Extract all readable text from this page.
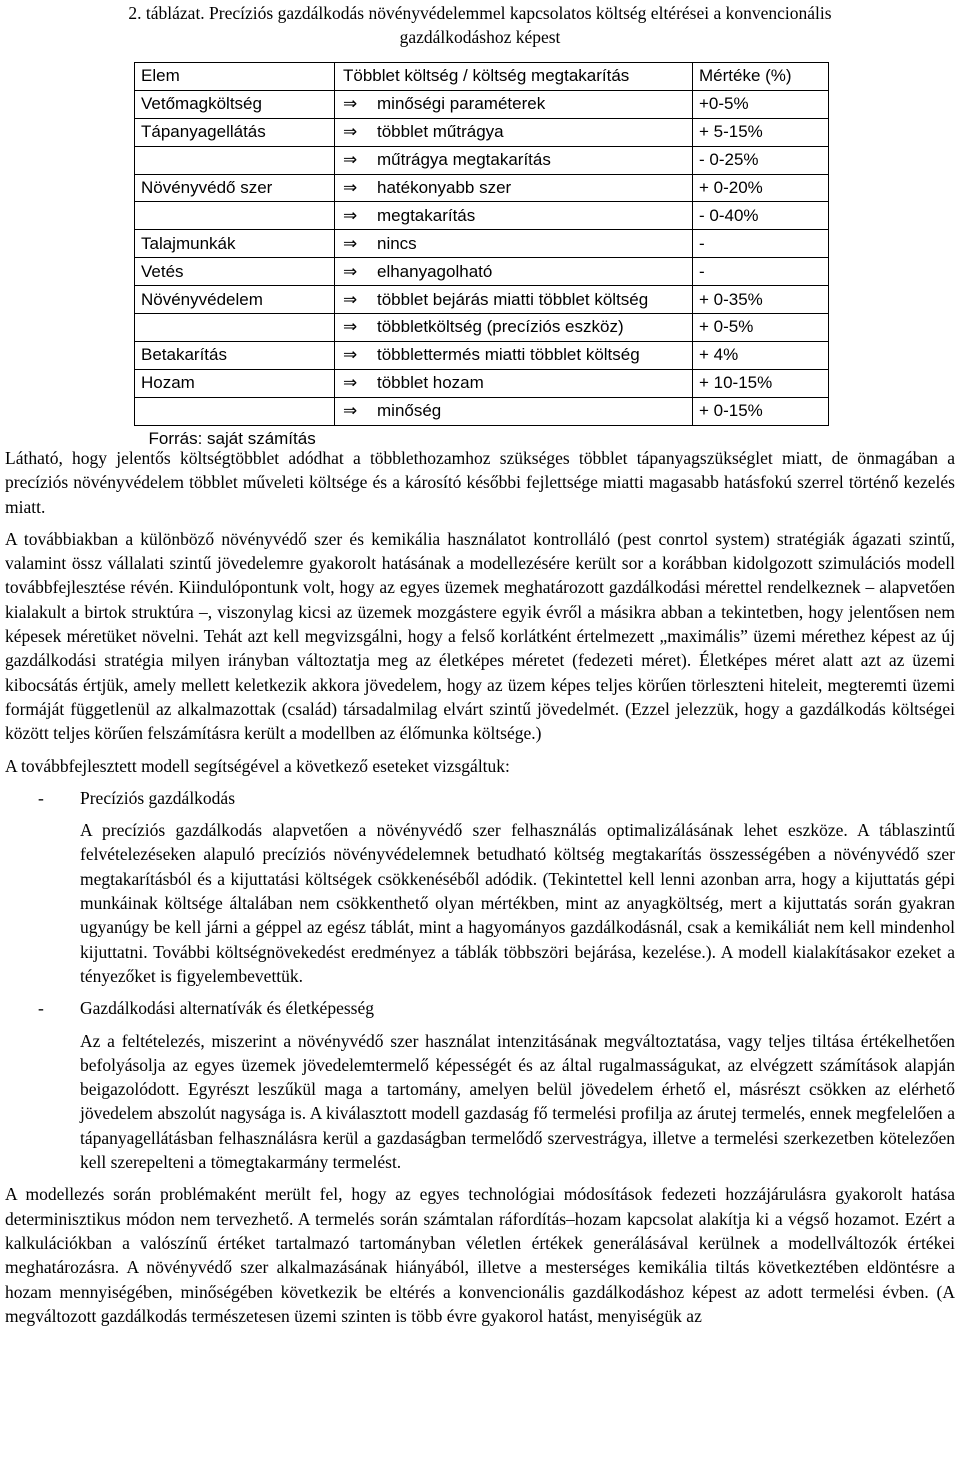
2. táblázat. Precíziós gazdálkodás növényvédelemmel kapcsolatos költség eltérései a konvencionális
gazdálkodáshoz képest
Elem	Többlet költség / költség megtakarítás	Mértéke (%)
Vetőmagköltség	⇒ minőségi paraméterek	+0-5%
Tápanyagellátás	⇒ többlet műtrágya	+ 5-15%
	⇒ műtrágya megtakarítás	- 0-25%
Növényvédő szer	⇒ hatékonyabb szer	+ 0-20%
	⇒ megtakarítás	- 0-40%
Talajmunkák	⇒ nincs	-
Vetés	⇒ elhanyagolható	-
Növényvédelem	⇒ többlet bejárás miatti többlet költség	+ 0-35%
	⇒ többletköltség (precíziós eszköz)	+ 0-5%
Betakarítás	⇒ többlettermés miatti többlet költség	+ 4%
Hozam	⇒ többlet hozam	+ 10-15%
	⇒ minőség	+ 0-15%
Forrás: saját számítás		

Látható, hogy jelentős költségtöbblet adódhat a többlethozamhoz szükséges többlet tápanyagszükséglet miatt, de önmagában a precíziós növényvédelem többlet műveleti költsége és a károsító későbbi fejlettsége miatti magasabb hatásfokú szerrel történő kezelés miatt.

A továbbiakban a különböző növényvédő szer és kemikália használatot kontrolláló (pest conrtol system) stratégiák ágazati szintű, valamint össz vállalati szintű jövedelemre gyakorolt hatásának a modellezésére került sor a korábban kidolgozott szimulációs modell továbbfejlesztése révén. Kiindulópontunk volt, hogy az egyes üzemek meghatározott gazdálkodási mérettel rendelkeznek – alapvetően kialakult a birtok struktúra –, viszonylag kicsi az üzemek mozgástere egyik évről a másikra abban a tekintetben, hogy jelentősen nem képesek méretüket növelni. Tehát azt kell megvizsgálni, hogy a felső korlátként értelmezett „maximális” üzemi mérethez képest az új gazdálkodási stratégia milyen irányban változtatja meg az életképes méretet (fedezeti méret). Életképes méret alatt azt az üzemi kibocsátás értjük, amely mellett keletkezik akkora jövedelem, hogy az üzem képes teljes körűen törleszteni hiteleit, megteremti üzemi formáját függetlenül az alkalmazottak (család) társadalmilag elvárt szintű jövedelmét. (Ezzel jelezzük, hogy a gazdálkodás költségei között teljes körűen felszámításra került a modellben az élőmunka költsége.)

A továbbfejlesztett modell segítségével a következő eseteket vizsgáltuk:

- Precíziós gazdálkodás

A precíziós gazdálkodás alapvetően a növényvédő szer felhasználás optimalizálásának lehet eszköze. A táblaszintű felvételezéseken alapuló precíziós növényvédelemnek betudható költség megtakarítás összességében a növényvédő szer megtakarításból és a kijuttatási költségek csökkenéséből adódik. (Tekintettel kell lenni azonban arra, hogy a kijuttatás gépi munkáinak költsége általában nem csökkenthető olyan mértékben, mint az anyagköltség, mert a kijuttatás során gyakran ugyanúgy be kell járni a géppel az egész táblát, mint a hagyományos gazdálkodásnál, csak a kemikáliát nem kell mindenhol kijuttatni. További költségnövekedést eredményez a táblák többszöri bejárása, kezelése.). A modell kialakításakor ezeket a tényezőket is figyelembevettük.

- Gazdálkodási alternatívák és életképesség

Az a feltételezés, miszerint a növényvédő szer használat intenzitásának megváltoztatása, vagy teljes tiltása értékelhetően befolyásolja az egyes üzemek jövedelemtermelő képességét és az által rugalmasságukat, az elvégzett számítások alapján beigazolódott. Egyrészt leszűkül maga a tartomány, amelyen belül jövedelem érhető el, másrészt csökken az elérhető jövedelem abszolút nagysága is. A kiválasztott modell gazdaság fő termelési profilja az árutej termelés, ennek megfelelően a tápanyagellátásban felhasználásra kerül a gazdaságban termelődő szervestrágya, illetve a termelési szerkezetben kötelezően kell szerepelteni a tömegtakarmány termelést.

A modellezés során problémaként merült fel, hogy az egyes technológiai módosítások fedezeti hozzájárulásra gyakorolt hatása determinisztikus módon nem tervezhető. A termelés során számtalan ráfordítás–hozam kapcsolat alakítja ki a végső hozamot. Ezért a kalkulációkban a valószínű értéket tartalmazó tartományban véletlen értékek generálásával kerülnek a modellváltozók értékei meghatározásra. A növényvédő szer alkalmazásának hiányából, illetve a mesterséges kemikália tiltás következtében eldöntésre a hozam mennyiségében, minőségében következik be eltérés a konvencionális gazdálkodáshoz képest az adott termelési évben. (A megváltozott gazdálkodás természetesen üzemi szinten is több évre gyakorol hatást, menyiségük az
